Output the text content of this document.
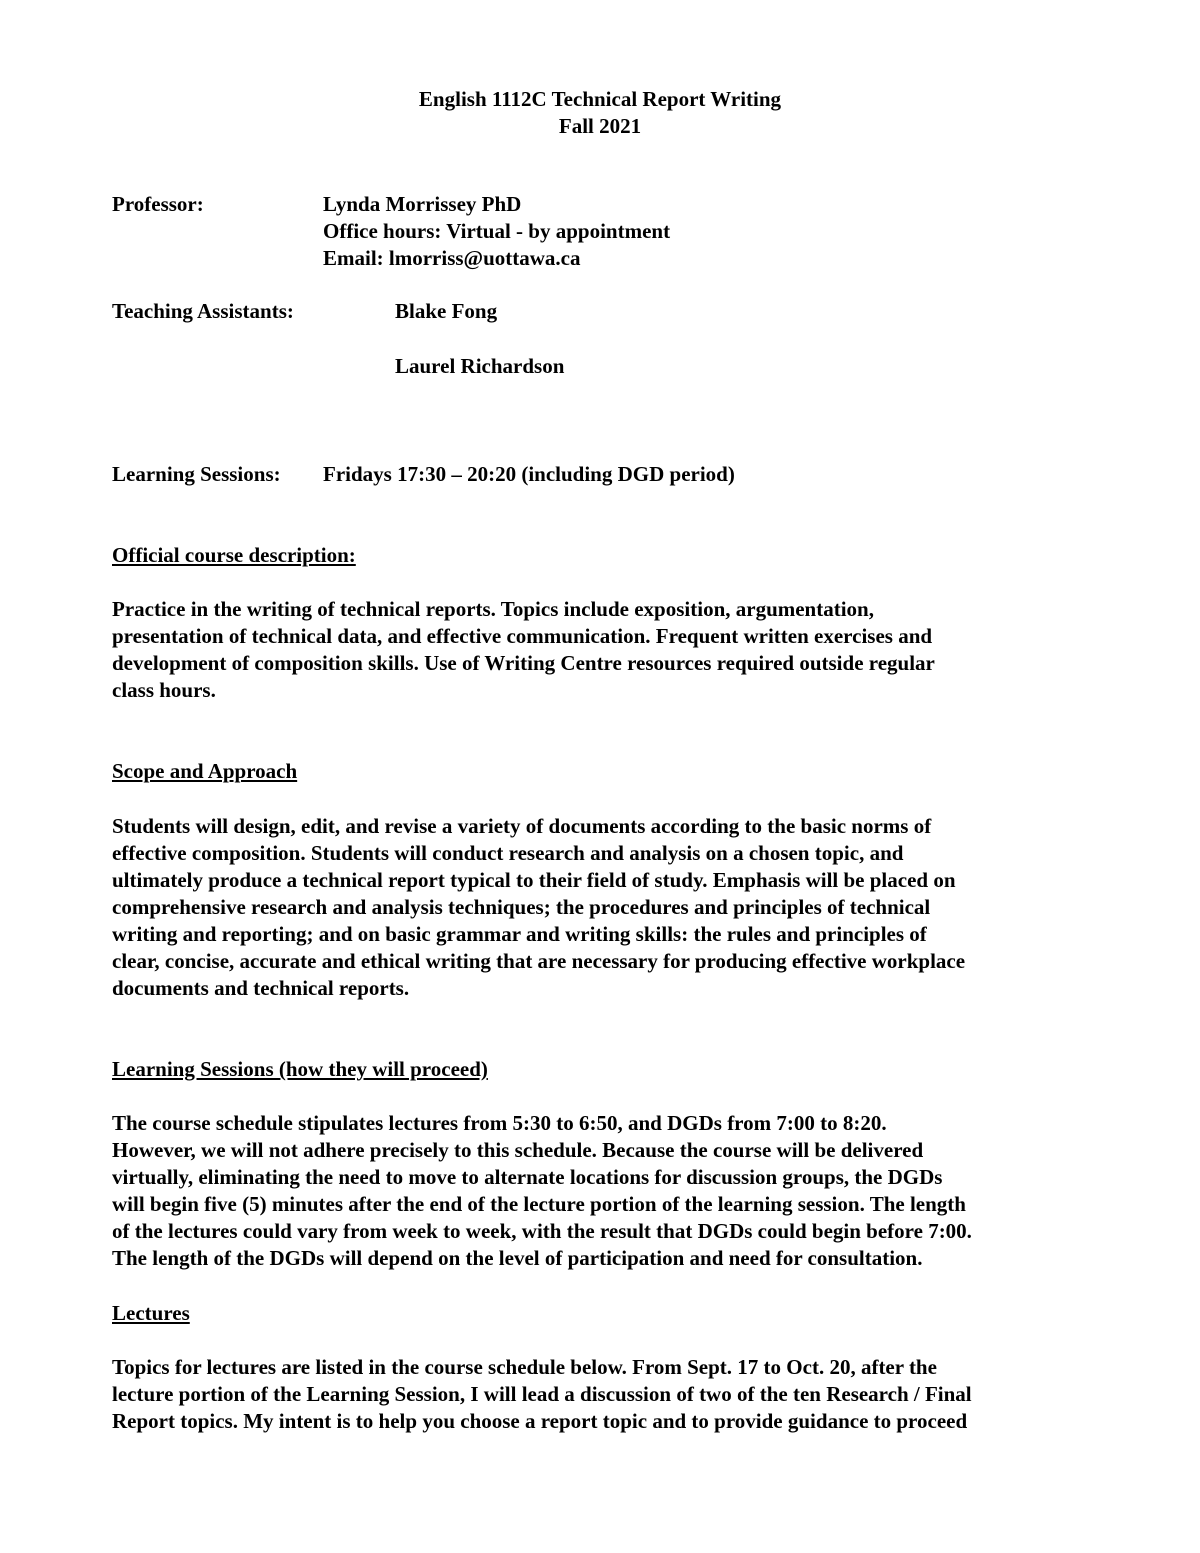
English 1112C Technical Report Writing
Fall 2021
Professor:	Lynda Morrissey PhD
Office hours: Virtual - by appointment
Email: lmorriss@uottawa.ca
Teaching Assistants:	Blake Fong
Laurel Richardson
Learning Sessions: Fridays 17:30 – 20:20 (including DGD period)
Official course description:
Practice in the writing of technical reports. Topics include exposition, argumentation,
presentation of technical data, and effective communication. Frequent written exercises and
development of composition skills. Use of Writing Centre resources required outside regular
class hours.
Scope and Approach
Students will design, edit, and revise a variety of documents according to the basic norms of
effective composition. Students will conduct research and analysis on a chosen topic, and
ultimately produce a technical report typical to their field of study. Emphasis will be placed on
comprehensive research and analysis techniques; the procedures and principles of technical
writing and reporting; and on basic grammar and writing skills: the rules and principles of
clear, concise, accurate and ethical writing that are necessary for producing effective workplace
documents and technical reports.
Learning Sessions (how they will proceed)
The course schedule stipulates lectures from 5:30 to 6:50, and DGDs from 7:00 to 8:20.
However, we will not adhere precisely to this schedule. Because the course will be delivered
virtually, eliminating the need to move to alternate locations for discussion groups, the DGDs
will begin five (5) minutes after the end of the lecture portion of the learning session. The length
of the lectures could vary from week to week, with the result that DGDs could begin before 7:00.
The length of the DGDs will depend on the level of participation and need for consultation.
Lectures
Topics for lectures are listed in the course schedule below. From Sept. 17 to Oct. 20, after the
lecture portion of the Learning Session, I will lead a discussion of two of the ten Research / Final
Report topics. My intent is to help you choose a report topic and to provide guidance to proceed
